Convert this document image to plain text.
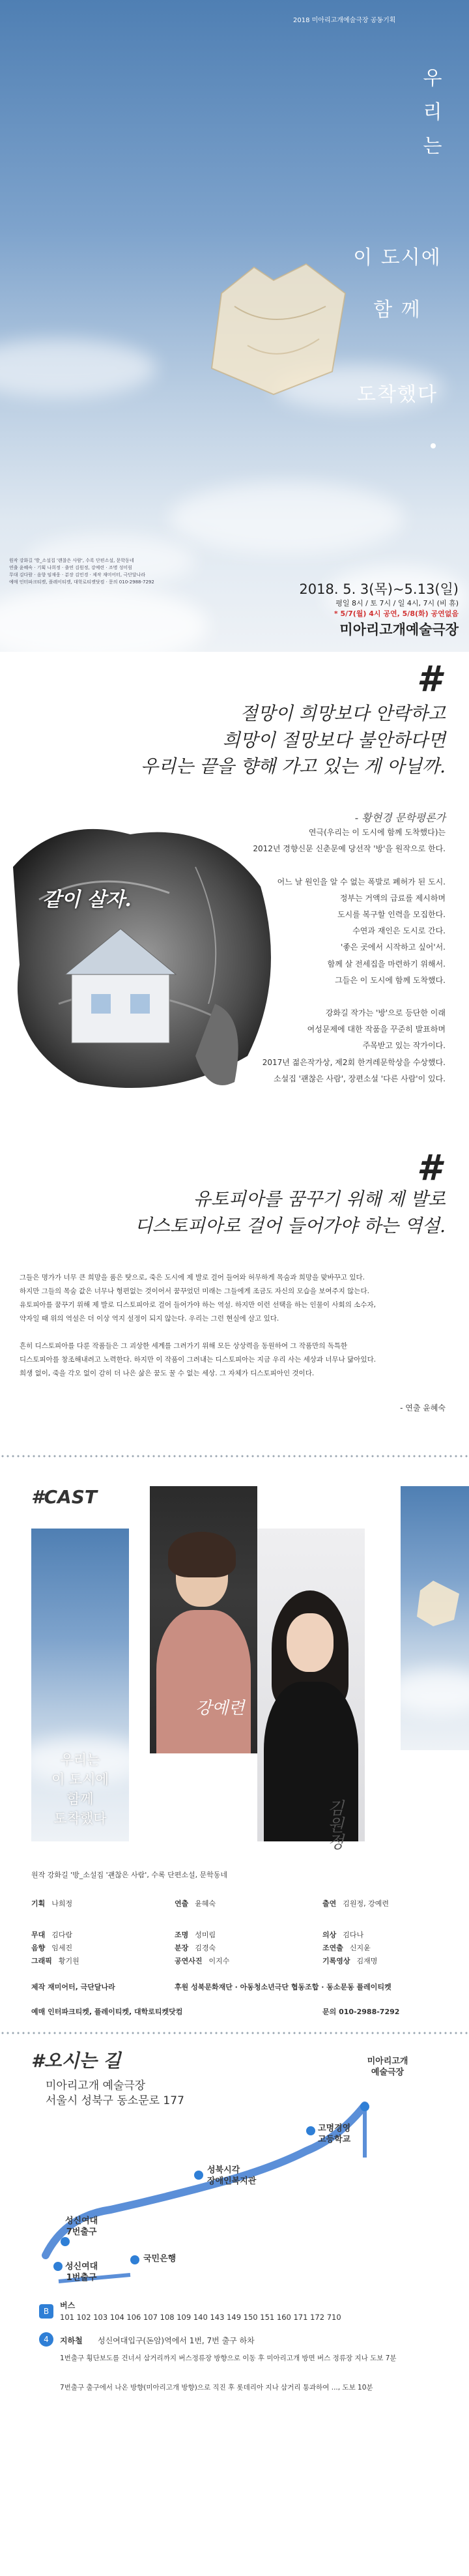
2018 미아리고개예술극장 공동기획
우
리
는
이 도시에
함 께
도착했다
원작 강화길 '방_소설집 '괜찮은 사람', 수록 단편소설, 문학동네
연출 윤혜숙 · 기획 나희정 · 출연 김원정, 강예련 · 조명 성미림
무대 김다람 · 음향 임재웅 · 분장 김민경 · 제작 재미어터, 극단달나라
예매 인터파크티켓, 플레이티켓, 대학로티켓닷컴 · 문의 010-2988-7292	2018. 5. 3(목)~5.13(일)
평일 8시 / 토 7시 / 일 4시, 7시 (비 휴)
* 5/7(월) 4시 공연, 5/8(화) 공연없음
미아리고개예술극장
#
절망이 희망보다 안락하고
희망이 절망보다 불안하다면
우리는 끝을 향해 가고 있는 게 아닐까.
- 황현경 문학평론가
같이 살자.
연극(우리는 이 도시에 함께 도착했다)는
2012년 경향신문 신춘문예 당선작 '방'을 원작으로 한다.

어느 날 원인을 알 수 없는 폭발로 폐허가 된 도시.
정부는 거액의 급료를 제시하며
도시를 복구할 인력을 모집한다.
수연과 재인은 도시로 간다.
'좋은 곳에서 시작하고 싶어'서.
함께 살 전세집을 마련하기 위해서.
그들은 이 도시에 함께 도착했다.

강화길 작가는 '방'으로 등단한 이래
여성문제에 대한 작품을 꾸준히 발표하며
주목받고 있는 작가이다.
2017년 젊은작가상, 제2회 한겨레문학상을 수상했다.
소설집 '괜찮은 사람', 장편소설 '다른 사람'이 있다.
#
유토피아를 꿈꾸기 위해 제 발로
디스토피아로 걸어 들어가야 하는 역설.
그들은 명가가 너무 큰 희망을 품은 탓으로, 죽은 도시에 제 발로 걸어 들어와 허무하게 목숨과 희망을 맞바꾸고 있다.
하지만 그들의 목숨 값은 너무나 형편없는 것이어서 꿈꾸었던 미래는 그들에게 조금도 자신의 모습을 보여주지 않는다.
유토피아를 꿈꾸기 위해 제 발로 디스토피아로 걸어 들어가야 하는 역설. 하지만 이런 선택을 하는 인물이 사회의 소수자,
약자일 때 위의 역설은 더 이상 역지 설정이 되지 않는다. 우리는 그런 현실에 살고 있다.

흔히 디스토피아를 다룬 작품들은 그 괴상한 세계를 그려가기 위해 모든 상상력을 동원하여 그 작품만의 독특한
디스토피아를 창조해내려고 노력한다. 하지만 이 작품이 그려내는 디스토피아는 지금 우리 사는 세상과 너무나 닮아있다.
희생 없이, 죽을 각오 없이 감히 더 나은 삶은 꿈도 꿀 수 없는 세상. 그 자체가 디스토피아인 것이다.
- 연출 윤혜숙
#CAST
우리는
이 도시에
함께
도착했다
강예련
김원정
원작 강화길 '방_소설집 '괜찮은 사람', 수록 단편소설, 문학동네
기획 나희정	연출 윤혜숙	출연 김원정, 강예련
무대 김다람	조명 성미림	의상 김다나
음향 임세진	분장 김경숙	조연출 신지윤
그래픽 황기원	공연사진 이지수	기록영상 김재명
제작 재미어터, 극단달나라	후원 성북문화재단 · 아동청소년극단 협동조합 · 동소문동 플레이티켓
예매 인터파크티켓, 플레이티켓, 대학로티켓닷컴	문의 010-2988-7292
#오시는 길
미아리고개 예술극장
서울시 성북구 동소문로 177
미아리고개
예술극장
고명경영
고등학교
성북시각
장애인복지관
성신여대
7번출구
성신여대
1번출구
국민은행
B
버스
101 102 103 104 106 107 108 109 140 143 149 150 151 160 171 172 710
4	지하철 성신여대입구(돈암)역에서 1번, 7번 출구 하차
1번출구 횡단보도를 건너서 삼거리까지 버스정류장 방향으로 이동 후 미아리고개 방면 버스 정류장 지나 도보 7분
7번출구 출구에서 나온 방향(미아리고개 방향)으로 직진 후 롯데리아 지나 삼거리 통과하여 ..., 도보 10분
